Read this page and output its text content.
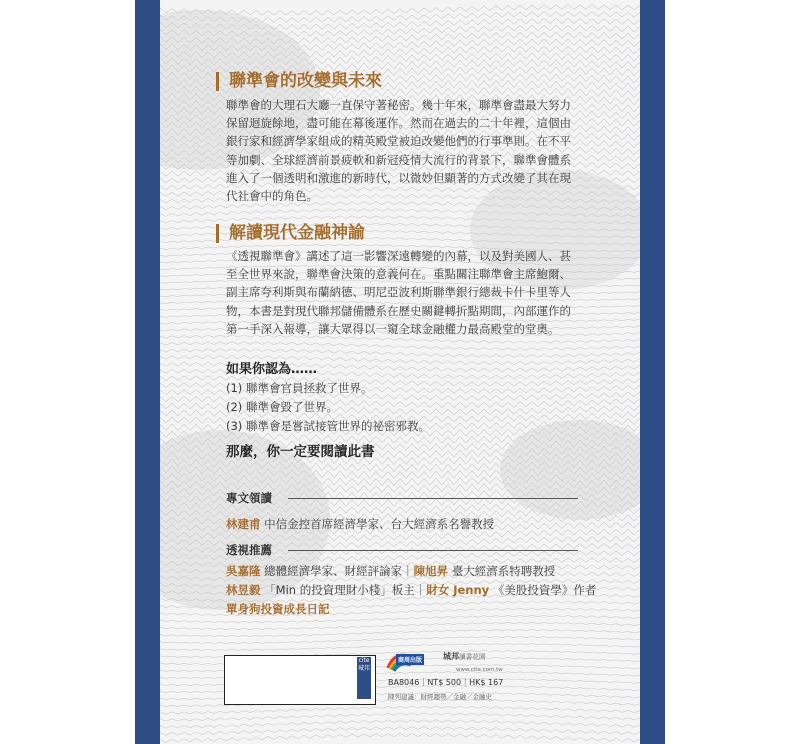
聯準會的改變與未來
聯準會的大理石大廳一直保守著秘密。幾十年來，聯準會盡最大努力
保留迴旋餘地，盡可能在幕後運作。然而在過去的二十年裡，這個由
銀行家和經濟學家組成的精英殿堂被迫改變他們的行事準則。在不平
等加劇、全球經濟前景疲軟和新冠疫情大流行的背景下，聯準會體系
進入了一個透明和激進的新時代，以微妙但顯著的方式改變了其在現
代社會中的角色。
解讀現代金融神諭
《透視聯準會》講述了這一影響深遠轉變的內幕，以及對美國人、甚
至全世界來說，聯準會決策的意義何在。重點關注聯準會主席鮑爾、
副主席夸利斯與布蘭納德、明尼亞波利斯聯準銀行總裁卡什卡里等人
物，本書是對現代聯邦儲備體系在歷史關鍵轉折點期間，內部運作的
第一手深入報導，讓大眾得以一窺全球金融權力最高殿堂的堂奧。
如果你認為……
(1) 聯準會官員拯救了世界。
(2) 聯準會毀了世界。
(3) 聯準會是嘗試接管世界的祕密邪教。
那麼，你一定要閱讀此書
專文領讀
林建甫 中信金控首席經濟學家、台大經濟系名譽教授
透視推薦
吳嘉隆 總體經濟學家、財經評論家｜陳旭昇 臺大經濟系特聘教授
林昱毅 「Min 的投資理財小棧」板主｜財女 Jenny 《美股投資學》作者
單身狗投資成長日記
cite城邦
商周出版	城邦讀書花園
www.cite.com.tw
BA8046｜NT$ 500｜HK$ 167
陳列建議：財經趨勢／金融／金融史
